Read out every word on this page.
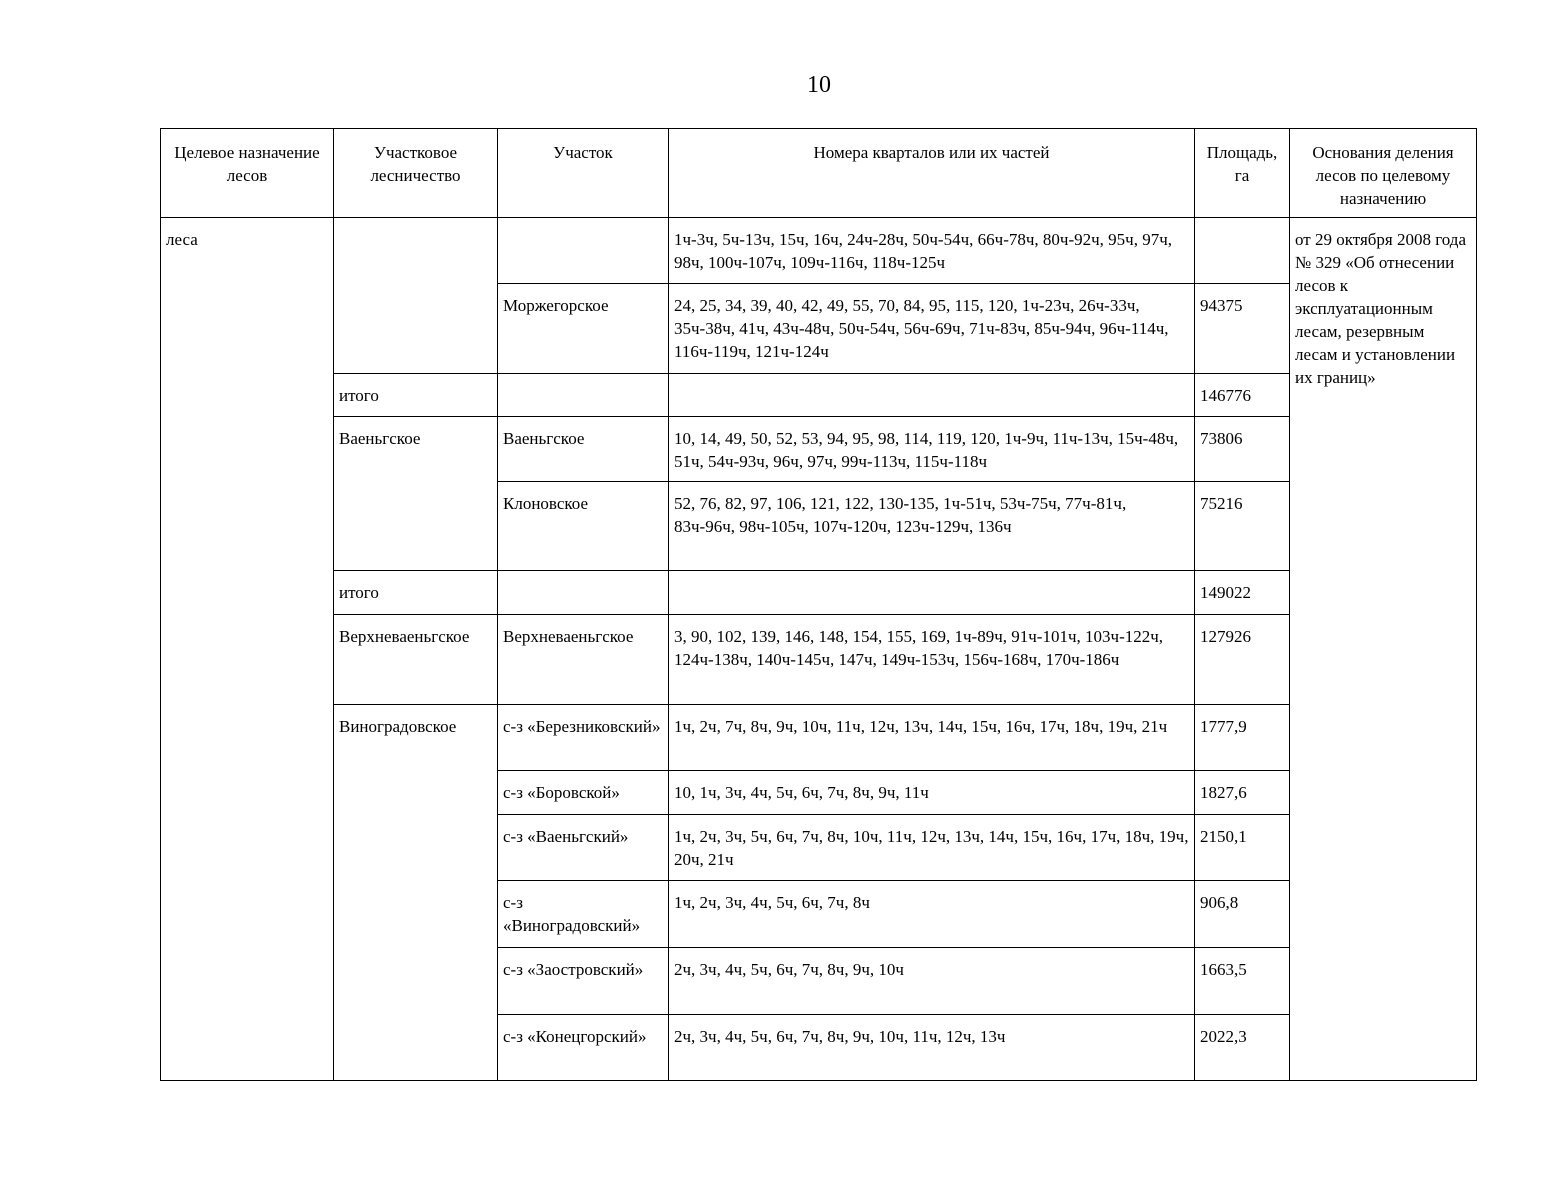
10
Целевое назначение лесов	Участковое лесничество	Участок	Номера кварталов или их частей	Площадь, га	Основания деления лесов по целевому назначению
леса			1ч-3ч, 5ч-13ч, 15ч, 16ч, 24ч-28ч, 50ч-54ч, 66ч-78ч, 80ч-92ч, 95ч, 97ч, 98ч, 100ч-107ч, 109ч-116ч, 118ч-125ч		от 29 октября 2008 года № 329 «Об отнесении лесов к эксплуатационным лесам, резервным лесам и установлении их границ»
		Моржегорское	24, 25, 34, 39, 40, 42, 49, 55, 70, 84, 95, 115, 120, 1ч-23ч, 26ч-33ч, 35ч-38ч, 41ч, 43ч-48ч, 50ч-54ч, 56ч-69ч, 71ч-83ч, 85ч-94ч, 96ч-114ч, 116ч-119ч, 121ч-124ч	94375	
	итого			146776	
	Ваеньгское	Ваеньгское	10, 14, 49, 50, 52, 53, 94, 95, 98, 114, 119, 120, 1ч-9ч, 11ч-13ч, 15ч-48ч, 51ч, 54ч-93ч, 96ч, 97ч, 99ч-113ч, 115ч-118ч	73806	
		Клоновское	52, 76, 82, 97, 106, 121, 122, 130-135, 1ч-51ч, 53ч-75ч, 77ч-81ч, 83ч-96ч, 98ч-105ч, 107ч-120ч, 123ч-129ч, 136ч	75216	
	итого			149022	
	Верхневаеньгское	Верхневаеньгское	3, 90, 102, 139, 146, 148, 154, 155, 169, 1ч-89ч, 91ч-101ч, 103ч-122ч, 124ч-138ч, 140ч-145ч, 147ч, 149ч-153ч, 156ч-168ч, 170ч-186ч	127926	
	Виноградовское	с-з «Березниковский»	1ч, 2ч, 7ч, 8ч, 9ч, 10ч, 11ч, 12ч, 13ч, 14ч, 15ч, 16ч, 17ч, 18ч, 19ч, 21ч	1777,9	
		с-з «Боровской»	10, 1ч, 3ч, 4ч, 5ч, 6ч, 7ч, 8ч, 9ч, 11ч	1827,6	
		с-з «Ваеньгский»	1ч, 2ч, 3ч, 5ч, 6ч, 7ч, 8ч, 10ч, 11ч, 12ч, 13ч, 14ч, 15ч, 16ч, 17ч, 18ч, 19ч, 20ч, 21ч	2150,1	
		с-з «Виноградовский»	1ч, 2ч, 3ч, 4ч, 5ч, 6ч, 7ч, 8ч	906,8	
		с-з «Заостровский»	2ч, 3ч, 4ч, 5ч, 6ч, 7ч, 8ч, 9ч, 10ч	1663,5	
		с-з «Конецгорский»	2ч, 3ч, 4ч, 5ч, 6ч, 7ч, 8ч, 9ч, 10ч, 11ч, 12ч, 13ч	2022,3	
